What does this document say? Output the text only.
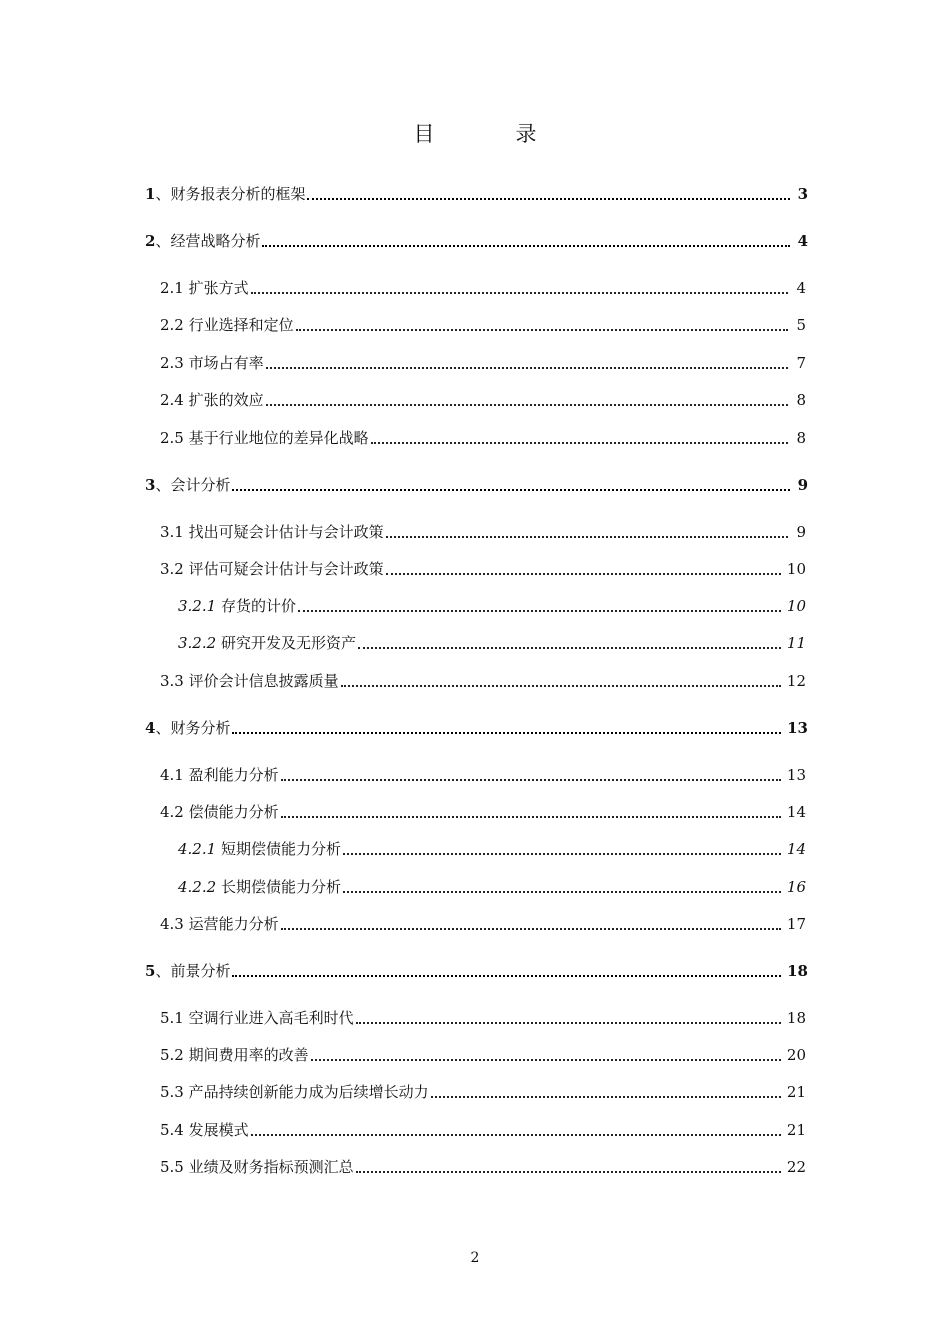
目　录
1、财务报表分析的框架	3
2、经营战略分析	4
2.1 扩张方式	4
2.2 行业选择和定位	5
2.3 市场占有率	7
2.4 扩张的效应	8
2.5 基于行业地位的差异化战略	8
3、会计分析	9
3.1 找出可疑会计估计与会计政策	9
3.2 评估可疑会计估计与会计政策	10
3.2.1 存货的计价	10
3.2.2 研究开发及无形资产	11
3.3 评价会计信息披露质量	12
4、财务分析	13
4.1 盈利能力分析	13
4.2 偿债能力分析	14
4.2.1 短期偿债能力分析	14
4.2.2 长期偿债能力分析	16
4.3 运营能力分析	17
5、前景分析	18
5.1 空调行业进入高毛利时代	18
5.2 期间费用率的改善	20
5.3 产品持续创新能力成为后续增长动力	21
5.4 发展模式	21
5.5 业绩及财务指标预测汇总	22
2
